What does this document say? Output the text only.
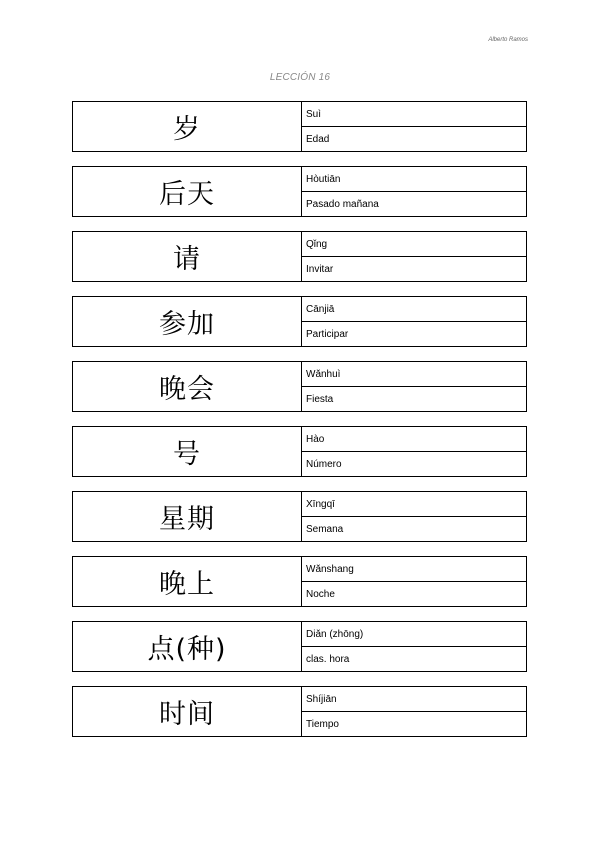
Alberto Ramos
LECCIÓN 16
岁	Suì
Edad
后天	Hòutiān
Pasado mañana
请	Qǐng
Invitar
参加	Cānjiā
Participar
晚会	Wǎnhuì
Fiesta
号	Hào
Número
星期	Xīngqī
Semana
晚上	Wǎnshang
Noche
点(种)	Diǎn (zhōng)
clas. hora
时间	Shíjiān
Tiempo
